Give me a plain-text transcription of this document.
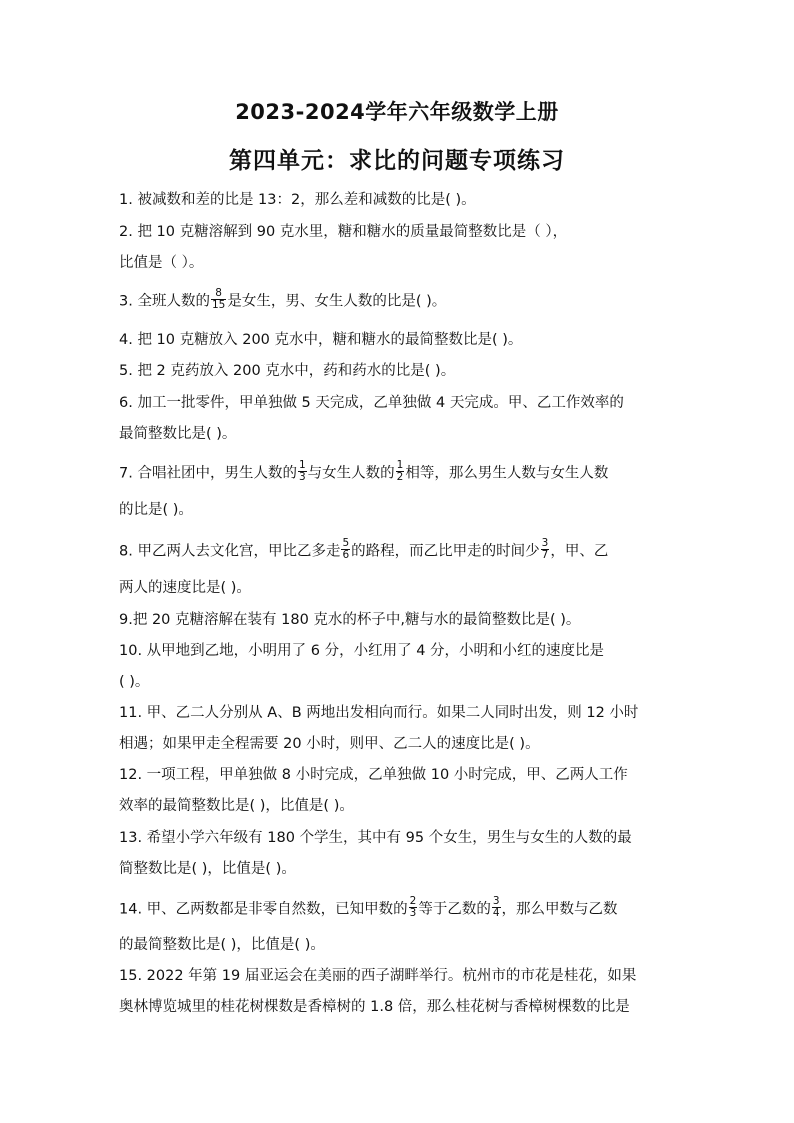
2023-2024学年六年级数学上册
第四单元：求比的问题专项练习
1. 被减数和差的比是 13：2，那么差和减数的比是( )。
2. 把 10 克糖溶解到 90 克水里，糖和糖水的质量最简整数比是（ ），
比值是（ ）。
3. 全班人数的 $\frac{8}{15}$ 是女生，男、女生人数的比是( )。
4. 把 10 克糖放入 200 克水中，糖和糖水的最简整数比是( )。
5. 把 2 克药放入 200 克水中，药和药水的比是( )。
6. 加工一批零件，甲单独做 5 天完成，乙单独做 4 天完成。甲、乙工作效率的
最简整数比是( )。
7. 合唱社团中，男生人数的 $\frac{1}{3}$ 与女生人数的 $\frac{1}{2}$ 相等，那么男生人数与女生人数
的比是( )。
8. 甲乙两人去文化宫，甲比乙多走 $\frac{5}{6}$ 的路程，而乙比甲走的时间少 $\frac{3}{7}$ ，甲、乙
两人的速度比是( )。
9.把 20 克糖溶解在装有 180 克水的杯子中,糖与水的最简整数比是( )。
10. 从甲地到乙地，小明用了 6 分，小红用了 4 分，小明和小红的速度比是
( )。
11. 甲、乙二人分别从 A、B 两地出发相向而行。如果二人同时出发，则 12 小时
相遇；如果甲走全程需要 20 小时，则甲、乙二人的速度比是( )。
12. 一项工程，甲单独做 8 小时完成，乙单独做 10 小时完成，甲、乙两人工作
效率的最简整数比是( )，比值是( )。
13. 希望小学六年级有 180 个学生，其中有 95 个女生，男生与女生的人数的最
简整数比是( )，比值是( )。
14. 甲、乙两数都是非零自然数，已知甲数的 $\frac{2}{3}$ 等于乙数的 $\frac{3}{4}$ ，那么甲数与乙数
的最简整数比是( )，比值是( )。
15. 2022 年第 19 届亚运会在美丽的西子湖畔举行。杭州市的市花是桂花，如果
奥林博览城里的桂花树棵数是香樟树的 1.8 倍，那么桂花树与香樟树棵数的比是
